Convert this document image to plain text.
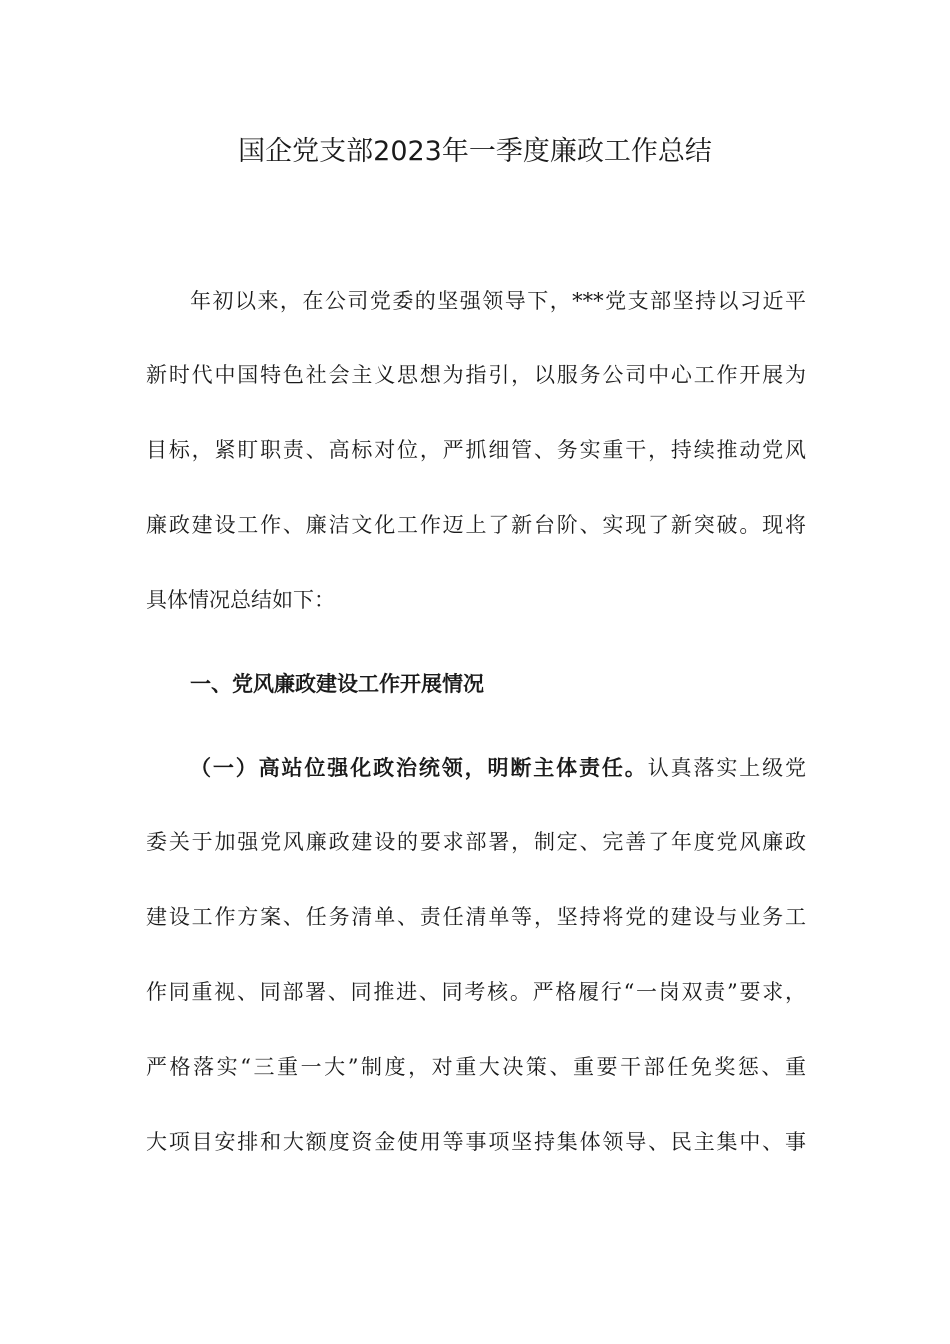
国企党支部2023年一季度廉政工作总结

年初以来，在公司党委的坚强领导下，***党支部坚持以习近平

新时代中国特色社会主义思想为指引，以服务公司中心工作开展为

目标，紧盯职责、高标对位，严抓细管、务实重干，持续推动党风

廉政建设工作、廉洁文化工作迈上了新台阶、实现了新突破。现将

具体情况总结如下：

一、党风廉政建设工作开展情况

（一）高站位强化政治统领，明断主体责任。认真落实上级党

委关于加强党风廉政建设的要求部署，制定、完善了年度党风廉政

建设工作方案、任务清单、责任清单等，坚持将党的建设与业务工

作同重视、同部署、同推进、同考核。严格履行“一岗双责”要求，

严格落实“三重一大”制度，对重大决策、重要干部任免奖惩、重

大项目安排和大额度资金使用等事项坚持集体领导、民主集中、事
